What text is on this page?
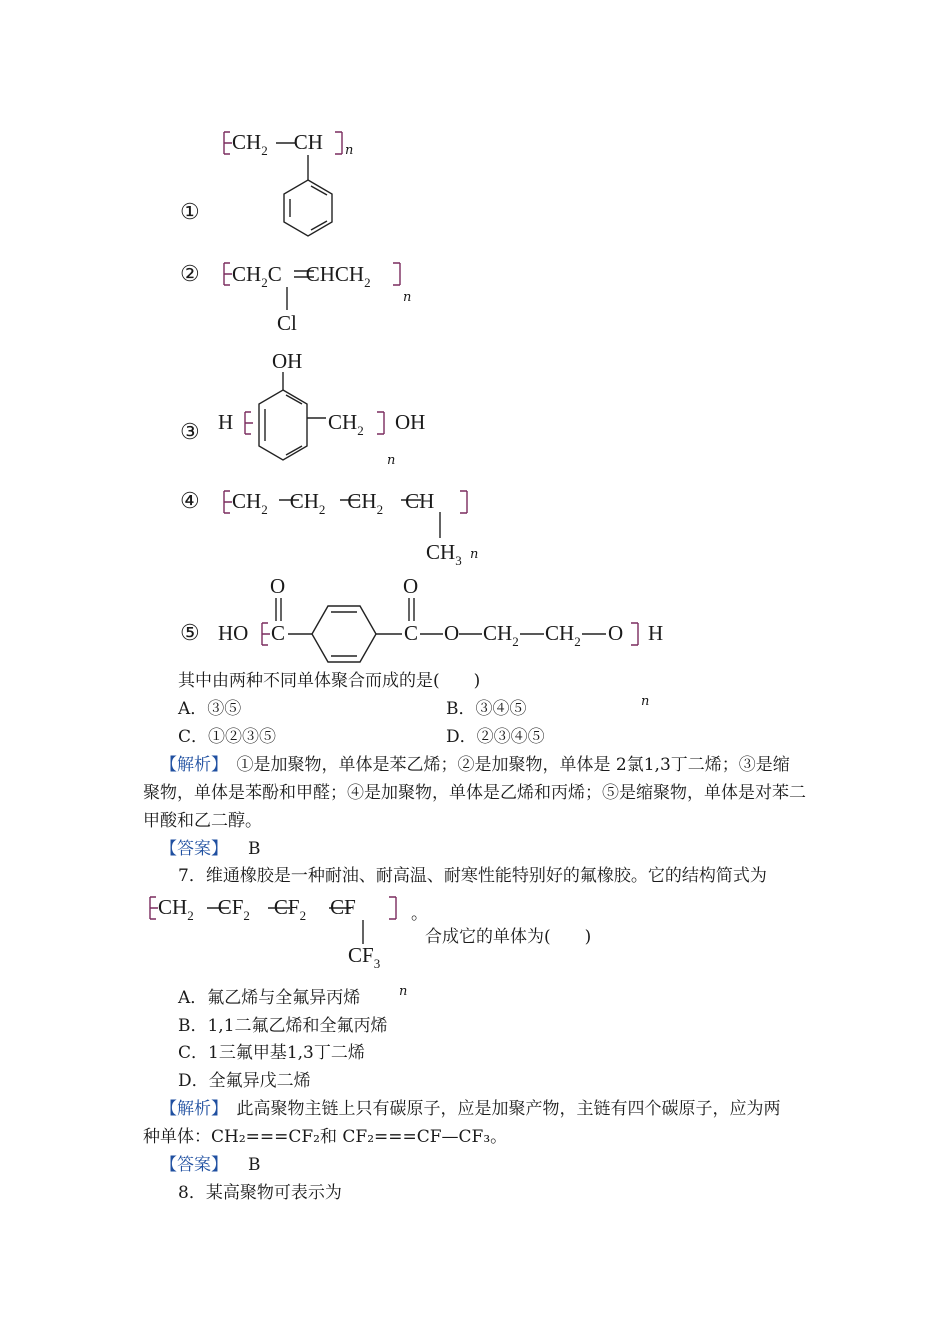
$CH_2$ CH n
①
② $CH_2C$ $CHCH_2$
n
Cl
OH
③ H	$CH_2$
n
OH
④ $CH_2$ $CH_2$ $CH_2$ CH
n
$CH_3$
O	O
⑤ HO C	C O $CH_2$ $CH_2$ O
n
H
其中由两种不同单体聚合而成的是(　　)
A．③⑤	B．③④⑤
C．①②③⑤	D．②③④⑤
【解析】　①是加聚物，单体是苯乙烯；②是加聚物，单体是 2氯1,3丁二烯；③是缩
聚物，单体是苯酚和甲醛；④是加聚物，单体是乙烯和丙烯；⑤是缩聚物，单体是对苯二
甲酸和乙二醇。
【答案】 B
7．维通橡胶是一种耐油、耐高温、耐寒性能特别好的氟橡胶。它的结构简式为
$CH_2$ $CF_2$ $CF_2$ CF
n
。
合成它的单体为(　　)
$CF_3$
A．氟乙烯与全氟异丙烯
B．1,1二氟乙烯和全氟丙烯
C．1三氟甲基1,3丁二烯
D．全氟异戊二烯
【解析】　此高聚物主链上只有碳原子，应是加聚产物，主链有四个碳原子，应为两
种单体：CH₂===CF₂和 CF₂===CF—CF₃。
【答案】 B
8．某高聚物可表示为
